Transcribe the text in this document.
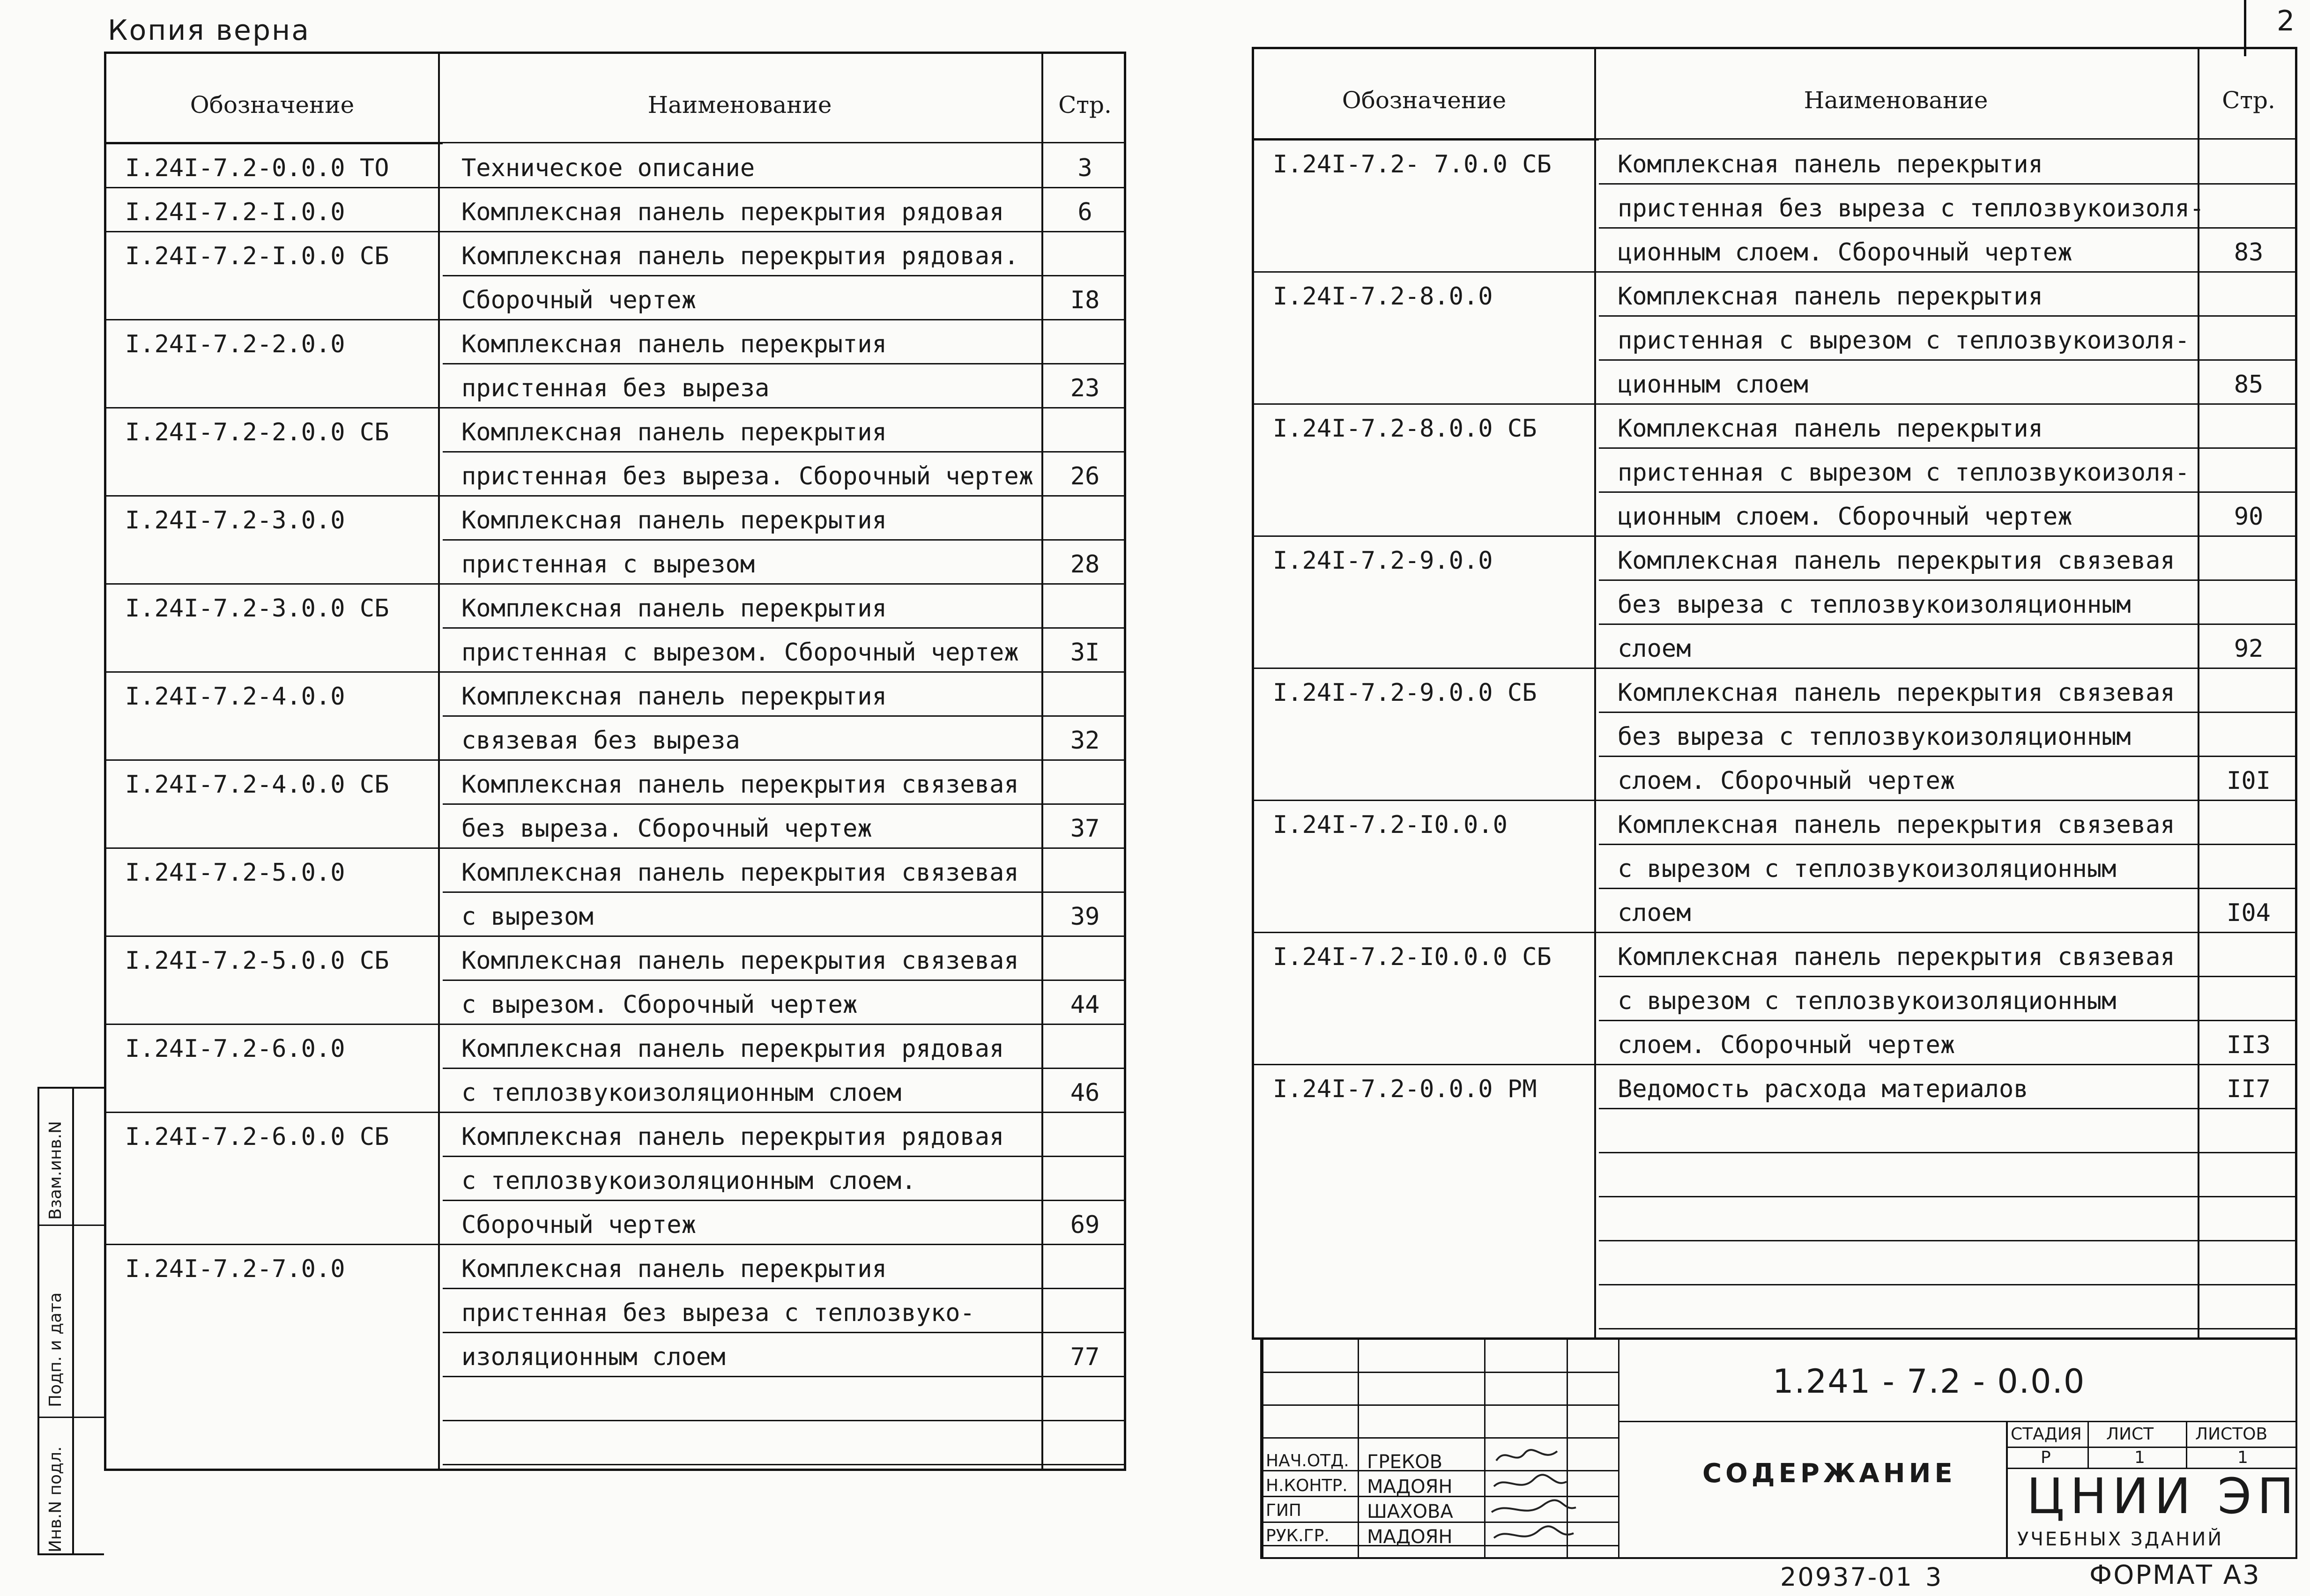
Копия верна	2
Обозначение	Наименование	Стр.
I.24I-7.2-0.0.0 ТО	Техническое описание	3
I.24I-7.2-I.0.0	Комплексная панель перекрытия рядовая	6
I.24I-7.2-I.0.0 СБ	Комплексная панель перекрытия рядовая.
Сборочный чертеж	I8
I.24I-7.2-2.0.0	Комплексная панель перекрытия
пристенная без выреза	23
I.24I-7.2-2.0.0 СБ	Комплексная панель перекрытия
пристенная без выреза. Сборочный чертеж	26
I.24I-7.2-3.0.0	Комплексная панель перекрытия
пристенная с вырезом	28
I.24I-7.2-3.0.0 СБ	Комплексная панель перекрытия
пристенная с вырезом. Сборочный чертеж	3I
I.24I-7.2-4.0.0	Комплексная панель перекрытия
связевая без выреза	32
I.24I-7.2-4.0.0 СБ	Комплексная панель перекрытия связевая
без выреза. Сборочный чертеж	37
I.24I-7.2-5.0.0	Комплексная панель перекрытия связевая
с вырезом	39
I.24I-7.2-5.0.0 СБ	Комплексная панель перекрытия связевая
с вырезом. Сборочный чертеж	44
I.24I-7.2-6.0.0	Комплексная панель перекрытия рядовая
с теплозвукоизоляционным слоем	46
I.24I-7.2-6.0.0 СБ	Комплексная панель перекрытия рядовая
с теплозвукоизоляционным слоем.
Сборочный чертеж	69
I.24I-7.2-7.0.0	Комплексная панель перекрытия
пристенная без выреза с теплозвуко-
изоляционным слоем	77
Обозначение	Наименование	Стр.
I.24I-7.2- 7.0.0 СБ	Комплексная панель перекрытия
пристенная без выреза с теплозвукоизоля-
ционным слоем. Сборочный чертеж	83
I.24I-7.2-8.0.0	Комплексная панель перекрытия
пристенная с вырезом с теплозвукоизоля-
ционным слоем	85
I.24I-7.2-8.0.0 СБ	Комплексная панель перекрытия
пристенная с вырезом с теплозвукоизоля-
ционным слоем. Сборочный чертеж	90
I.24I-7.2-9.0.0	Комплексная панель перекрытия связевая
без выреза с теплозвукоизоляционным
слоем	92
I.24I-7.2-9.0.0 СБ	Комплексная панель перекрытия связевая
без выреза с теплозвукоизоляционным
слоем. Сборочный чертеж	I0I
I.24I-7.2-I0.0.0	Комплексная панель перекрытия связевая
с вырезом с теплозвукоизоляционным
слоем	I04
I.24I-7.2-I0.0.0 СБ	Комплексная панель перекрытия связевая
с вырезом с теплозвукоизоляционным
слоем. Сборочный чертеж	II3
I.24I-7.2-0.0.0 РМ	Ведомость расхода материалов	II7
Инв.N подл.
Подп. и дата
Взам.инв.N
НАЧ.ОТД. ГРЕКОВ
Н.КОНТР. МАДОЯН
ГИП	ШАХОВА
РУК.ГР. МАДОЯН
1.241 - 7.2 - 0.0.0
СОДЕРЖАНИЕ
СТАДИЯ ЛИСТ ЛИСТОВ
Р	1	1
ЦНИИ ЭП
УЧЕБНЫХ ЗДАНИЙ
20937-01 3	ФОРМАТ А3
